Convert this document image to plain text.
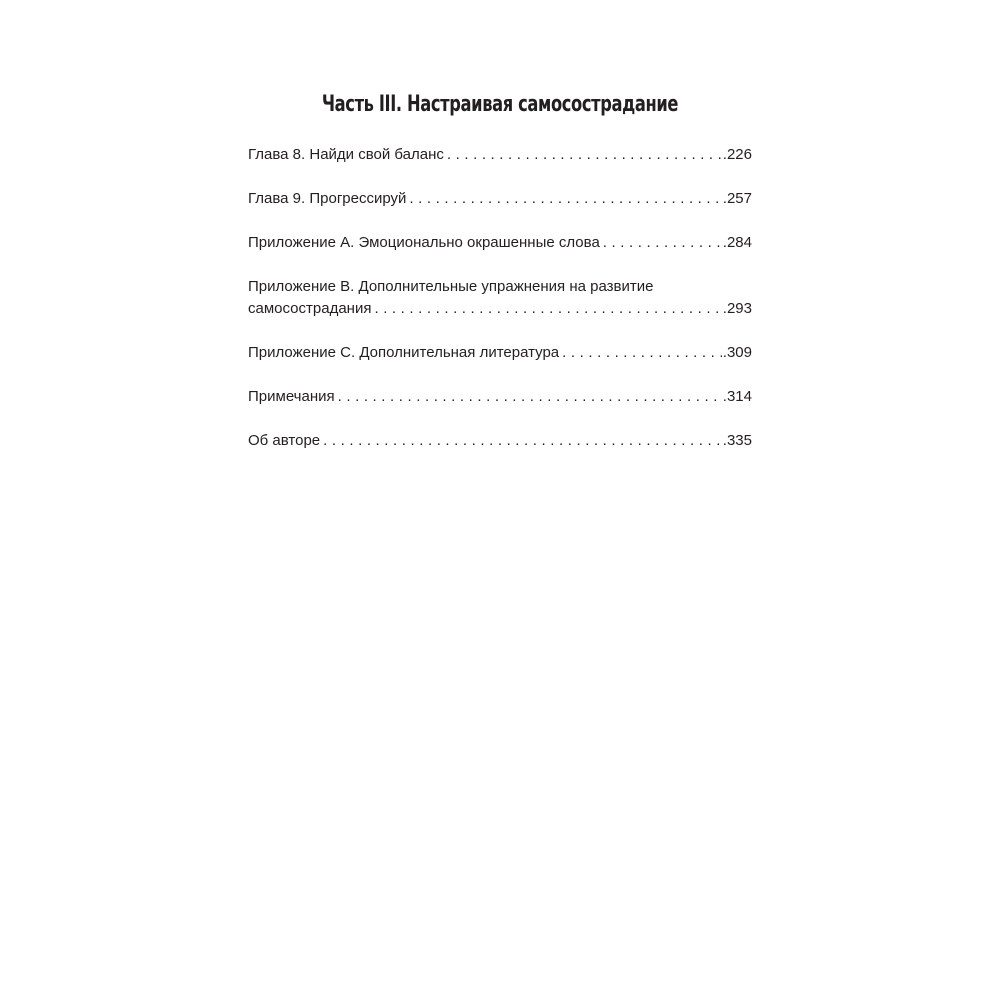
Часть III. Настраивая самосострадание
Глава 8. Найди свой баланс . . .	.226
Глава 9. Прогрессируй . . .	.257
Приложение А. Эмоционально окрашенные слова . . .	.284
Приложение В. Дополнительные упражнения на развитие
самосострадания . . .	.293
Приложение С. Дополнительная литература . . .	.309
Примечания . . .	.314
Об авторе . . .	.335
